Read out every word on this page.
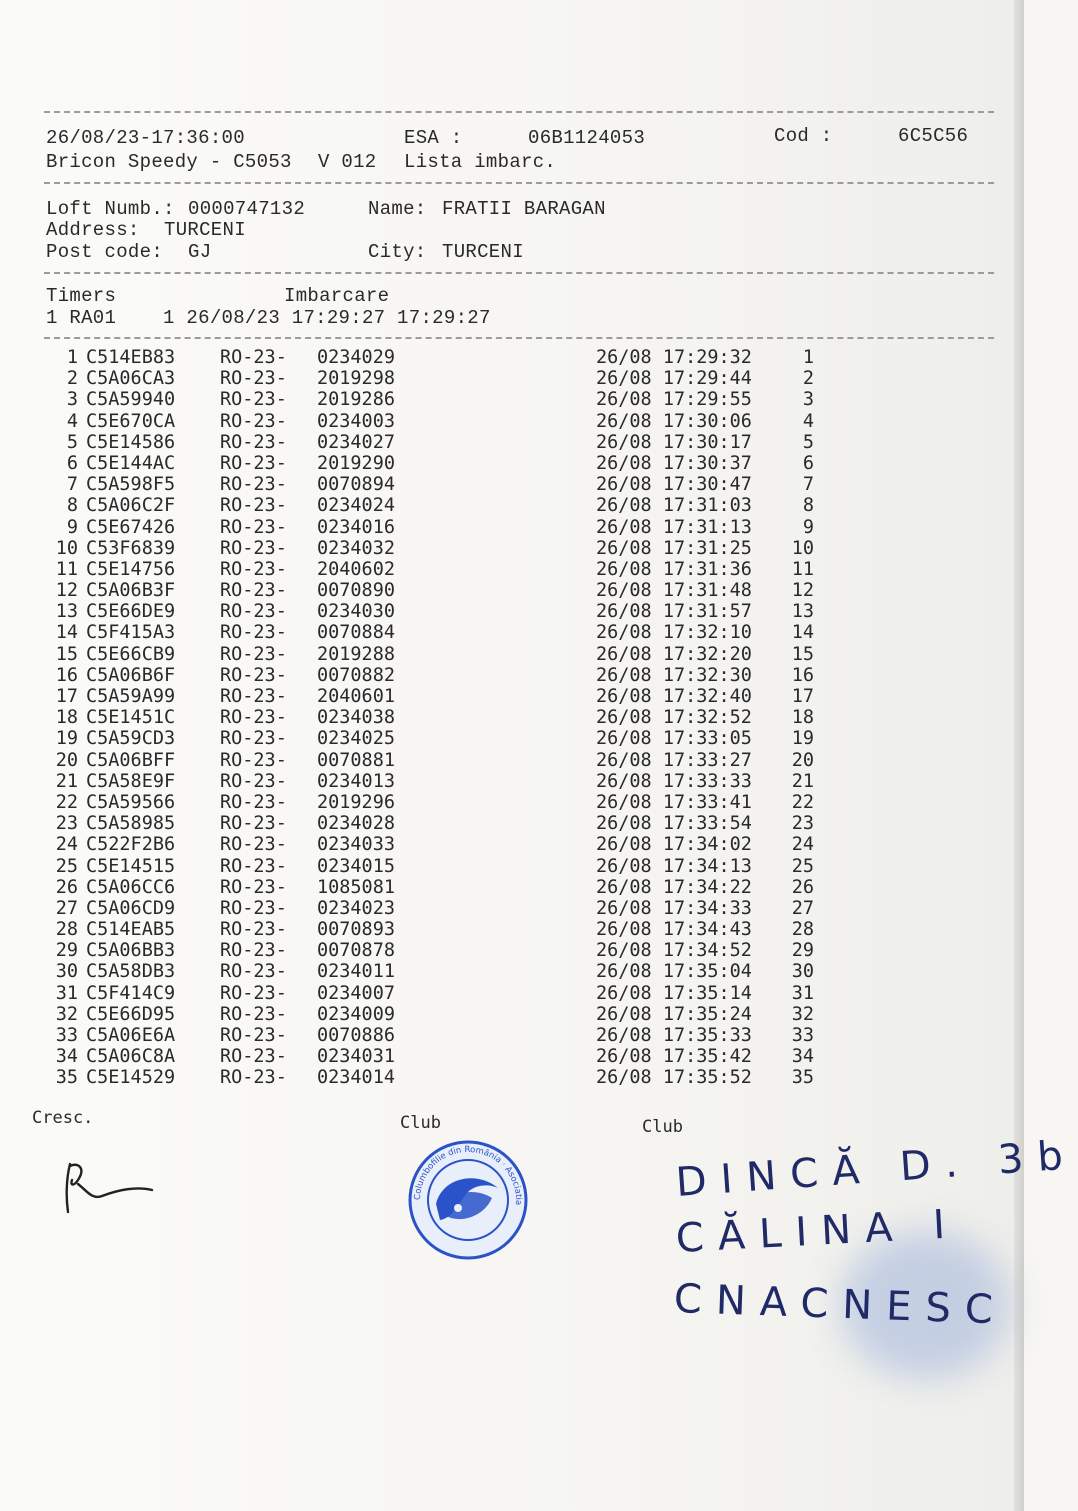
26/08/23-17:36:00	ESA :	06B1124053	Cod :	6C5C56
Bricon Speedy - C5053 V 012 Lista imbarc.
Loft Numb.: 0000747132	Name: FRATII BARAGAN
Address: TURCENI
Post code: GJ	City: TURCENI
Timers	Imbarcare
1 RA01    1 26/08/23 17:29:27 17:29:27
1 C514EB83 RO-23- 0234029	26/08 17:29:32	1
2 C5A06CA3 RO-23- 2019298	26/08 17:29:44	2
3 C5A59940 RO-23- 2019286	26/08 17:29:55	3
4 C5E670CA RO-23- 0234003	26/08 17:30:06	4
5 C5E14586 RO-23- 0234027	26/08 17:30:17	5
6 C5E144AC RO-23- 2019290	26/08 17:30:37	6
7 C5A598F5 RO-23- 0070894	26/08 17:30:47	7
8 C5A06C2F RO-23- 0234024	26/08 17:31:03	8
9 C5E67426 RO-23- 0234016	26/08 17:31:13	9
10 C53F6839 RO-23- 0234032	26/08 17:31:25	10
11 C5E14756 RO-23- 2040602	26/08 17:31:36	11
12 C5A06B3F RO-23- 0070890	26/08 17:31:48	12
13 C5E66DE9 RO-23- 0234030	26/08 17:31:57	13
14 C5F415A3 RO-23- 0070884	26/08 17:32:10	14
15 C5E66CB9 RO-23- 2019288	26/08 17:32:20	15
16 C5A06B6F RO-23- 0070882	26/08 17:32:30	16
17 C5A59A99 RO-23- 2040601	26/08 17:32:40	17
18 C5E1451C RO-23- 0234038	26/08 17:32:52	18
19 C5A59CD3 RO-23- 0234025	26/08 17:33:05	19
20 C5A06BFF RO-23- 0070881	26/08 17:33:27	20
21 C5A58E9F RO-23- 0234013	26/08 17:33:33	21
22 C5A59566 RO-23- 2019296	26/08 17:33:41	22
23 C5A58985 RO-23- 0234028	26/08 17:33:54	23
24 C522F2B6 RO-23- 0234033	26/08 17:34:02	24
25 C5E14515 RO-23- 0234015	26/08 17:34:13	25
26 C5A06CC6 RO-23- 1085081	26/08 17:34:22	26
27 C5A06CD9 RO-23- 0234023	26/08 17:34:33	27
28 C514EAB5 RO-23- 0070893	26/08 17:34:43	28
29 C5A06BB3 RO-23- 0070878	26/08 17:34:52	29
30 C5A58DB3 RO-23- 0234011	26/08 17:35:04	30
31 C5F414C9 RO-23- 0234007	26/08 17:35:14	31
32 C5E66D95 RO-23- 0234009	26/08 17:35:24	32
33 C5A06E6A RO-23- 0070886	26/08 17:35:33	33
34 C5A06C8A RO-23- 0234031	26/08 17:35:42	34
35 C5E14529 RO-23- 0234014	26/08 17:35:52	35
Cresc.	Club	Club
Columbofilie din România · Asociatia	DINCĂ D. 3b
CĂLINA I
CNACNESC
